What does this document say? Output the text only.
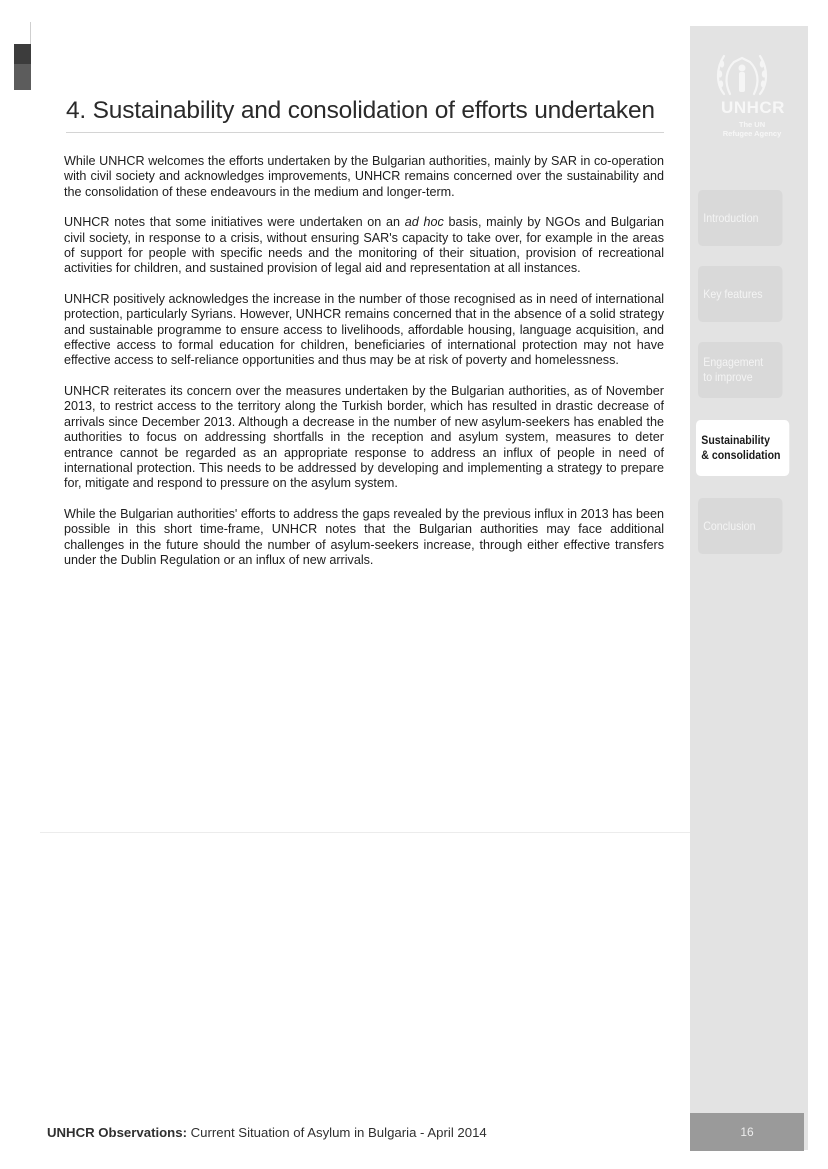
4. Sustainability and consolidation of efforts undertaken

While UNHCR welcomes the efforts undertaken by the Bulgarian authorities, mainly by SAR in co-operation with civil society and acknowledges improvements, UNHCR remains concerned over the sustainability and the consolidation of these endeavours in the medium and longer-term.

UNHCR notes that some initiatives were undertaken on an ad hoc basis, mainly by NGOs and Bulgarian civil society, in response to a crisis, without ensuring SAR's capacity to take over, for example in the areas of support for people with specific needs and the monitoring of their situation, provision of recreational activities for children, and sustained provision of legal aid and representation at all instances.

UNHCR positively acknowledges the increase in the number of those recognised as in need of international protection, particularly Syrians. However, UNHCR remains concerned that in the absence of a solid strategy and sustainable programme to ensure access to livelihoods, affordable housing, language acquisition, and effective access to formal education for children, beneficiaries of international protection may not have effective access to self-reliance opportunities and thus may be at risk of poverty and homelessness.

UNHCR reiterates its concern over the measures undertaken by the Bulgarian authorities, as of November 2013, to restrict access to the territory along the Turkish border, which has resulted in drastic decrease of arrivals since December 2013. Although a decrease in the number of new asylum-seekers has enabled the authorities to focus on addressing shortfalls in the reception and asylum system, measures to deter entrance cannot be regarded as an appropriate response to address an influx of people in need of international protection. This needs to be addressed by developing and implementing a strategy to prepare for, mitigate and respond to pressure on the asylum system.

While the Bulgarian authorities' efforts to address the gaps revealed by the previous influx in 2013 has been possible in this short time-frame, UNHCR notes that the Bulgarian authorities may face additional challenges in the future should the number of asylum-seekers increase, through either effective transfers under the Dublin Regulation or an influx of new arrivals.

UNHCR
The UN
Refugee Agency
Introduction
Key features
Engagement
to improve
Sustainability
& consolidation
Conclusion
16
UNHCR Observations: Current Situation of Asylum in Bulgaria - April 2014
